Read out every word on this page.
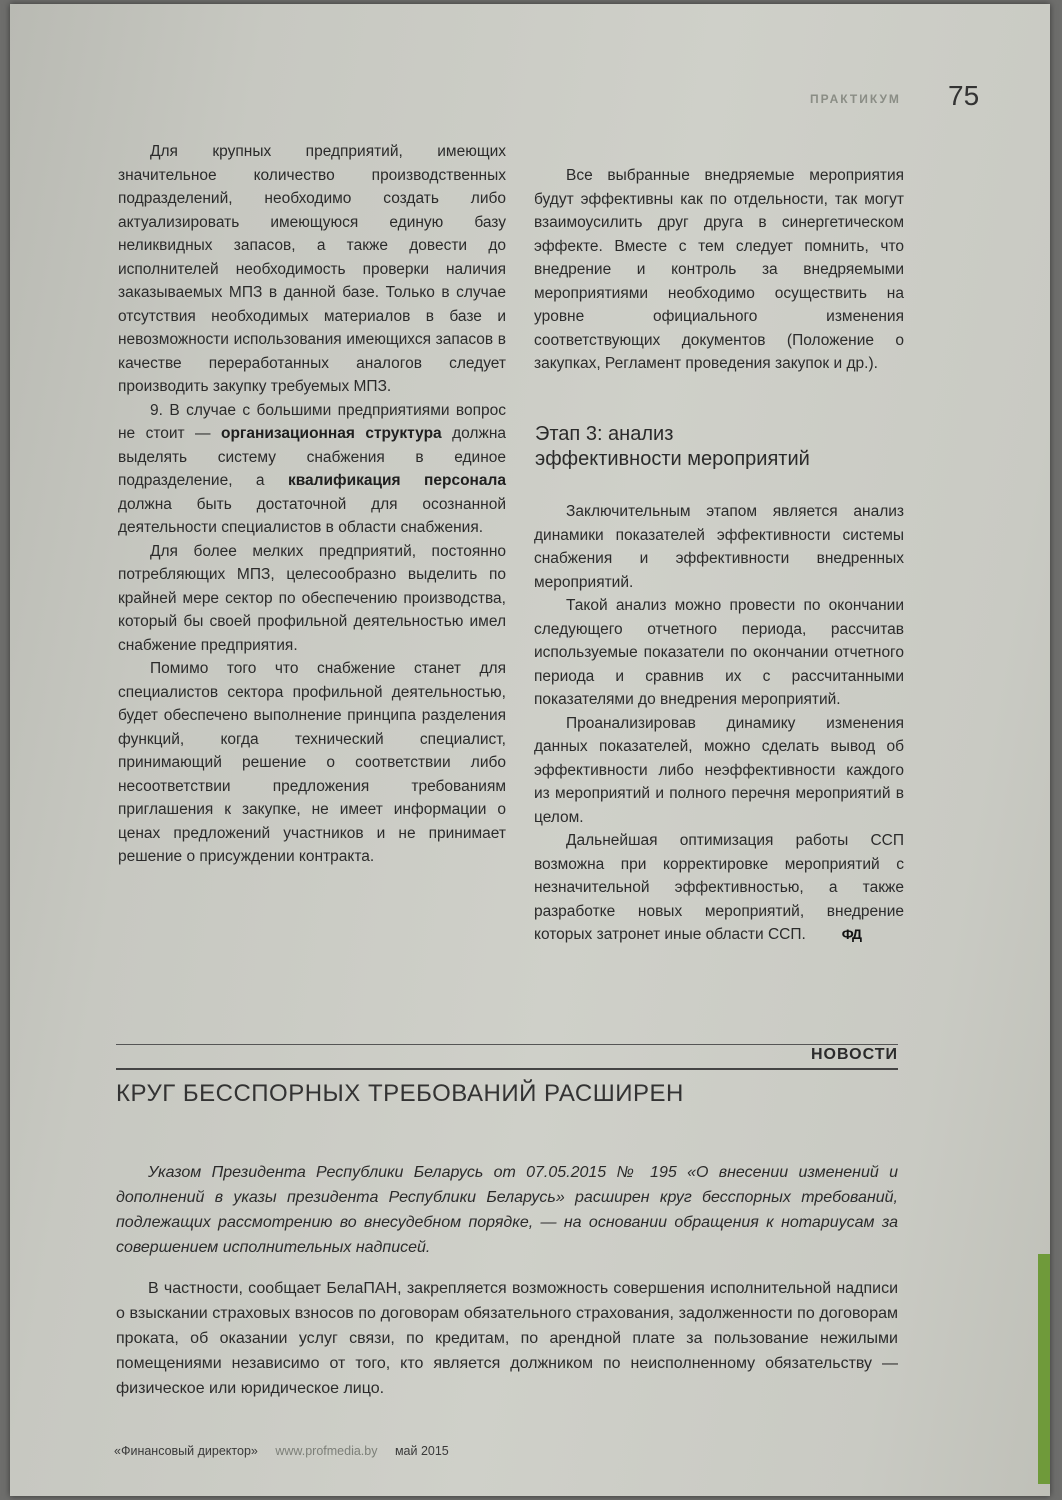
ПРАКТИКУМ 75

Для крупных предприятий, имеющих значительное количество производственных подразделений, необходимо создать либо актуализировать имеющуюся единую базу неликвидных запасов, а также довести до исполнителей необходимость проверки наличия заказываемых МПЗ в данной базе. Только в случае отсутствия необходимых материалов в базе и невозможности использования имеющихся запасов в качестве переработанных аналогов следует производить закупку требуемых МПЗ.

9. В случае с большими предприятиями вопрос не стоит — организационная структура должна выделять систему снабжения в единое подразделение, а квалификация персонала должна быть достаточной для осознанной деятельности специалистов в области снабжения.

Для более мелких предприятий, постоянно потребляющих МПЗ, целесообразно выделить по крайней мере сектор по обеспечению производства, который бы своей профильной деятельностью имел снабжение предприятия.

Помимо того что снабжение станет для специалистов сектора профильной деятельностью, будет обеспечено выполнение принципа разделения функций, когда технический специалист, принимающий решение о соответствии либо несоответствии предложения требованиям приглашения к закупке, не имеет информации о ценах предложений участников и не принимает решение о присуждении контракта.

Все выбранные внедряемые мероприятия будут эффективны как по отдельности, так могут взаимоусилить друг друга в синергетическом эффекте. Вместе с тем следует помнить, что внедрение и контроль за внедряемыми мероприятиями необходимо осуществить на уровне официального изменения соответствующих документов (Положение о закупках, Регламент проведения закупок и др.).

Этап 3: анализ
эффективности мероприятий

Заключительным этапом является анализ динамики показателей эффективности системы снабжения и эффективности внедренных мероприятий.

Такой анализ можно провести по окончании следующего отчетного периода, рассчитав используемые показатели по окончании отчетного периода и сравнив их с рассчитанными показателями до внедрения мероприятий.

Проанализировав динамику изменения данных показателей, можно сделать вывод об эффективности либо неэффективности каждого из мероприятий и полного перечня мероприятий в целом.

Дальнейшая оптимизация работы ССП возможна при корректировке мероприятий с незначительной эффективностью, а также разработке новых мероприятий, внедрение которых затронет иные области ССП.	ФД

НОВОСТИ
КРУГ БЕССПОРНЫХ ТРЕБОВАНИЙ РАСШИРЕН

Указом Президента Республики Беларусь от 07.05.2015 № 195 «О внесении изменений и дополнений в указы президента Республики Беларусь» расширен круг бесспорных требований, подлежащих рассмотрению во внесудебном порядке, — на основании обращения к нотариусам за совершением исполнительных надписей.

В частности, сообщает БелаПАН, закрепляется возможность совершения исполнительной надписи о взыскании страховых взносов по договорам обязательного страхования, задолженности по договорам проката, об оказании услуг связи, по кредитам, по арендной плате за пользование нежилыми помещениями независимо от того, кто является должником по неисполненному обязательству — физическое или юридическое лицо.

«Финансовый директор» www.profmedia.by май 2015
